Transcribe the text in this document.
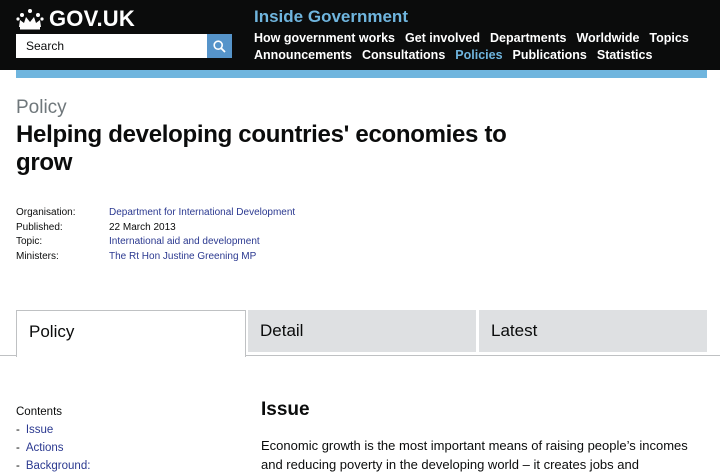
GOV.UK
Search	Inside Government
How government works Get involved Departments Worldwide Topics
Announcements Consultations Policies Publications Statistics
Policy
Helping developing countries' economies to grow
Organisation:	Department for International Development
Published:	22 March 2013
Topic:	International aid and development
Ministers:	The Rt Hon Justine Greening MP
Policy	Detail	Latest
Contents
- Issue
- Actions
- Background:
Issue

Economic growth is the most important means of raising people’s incomes and reducing poverty in the developing world – it creates jobs and
